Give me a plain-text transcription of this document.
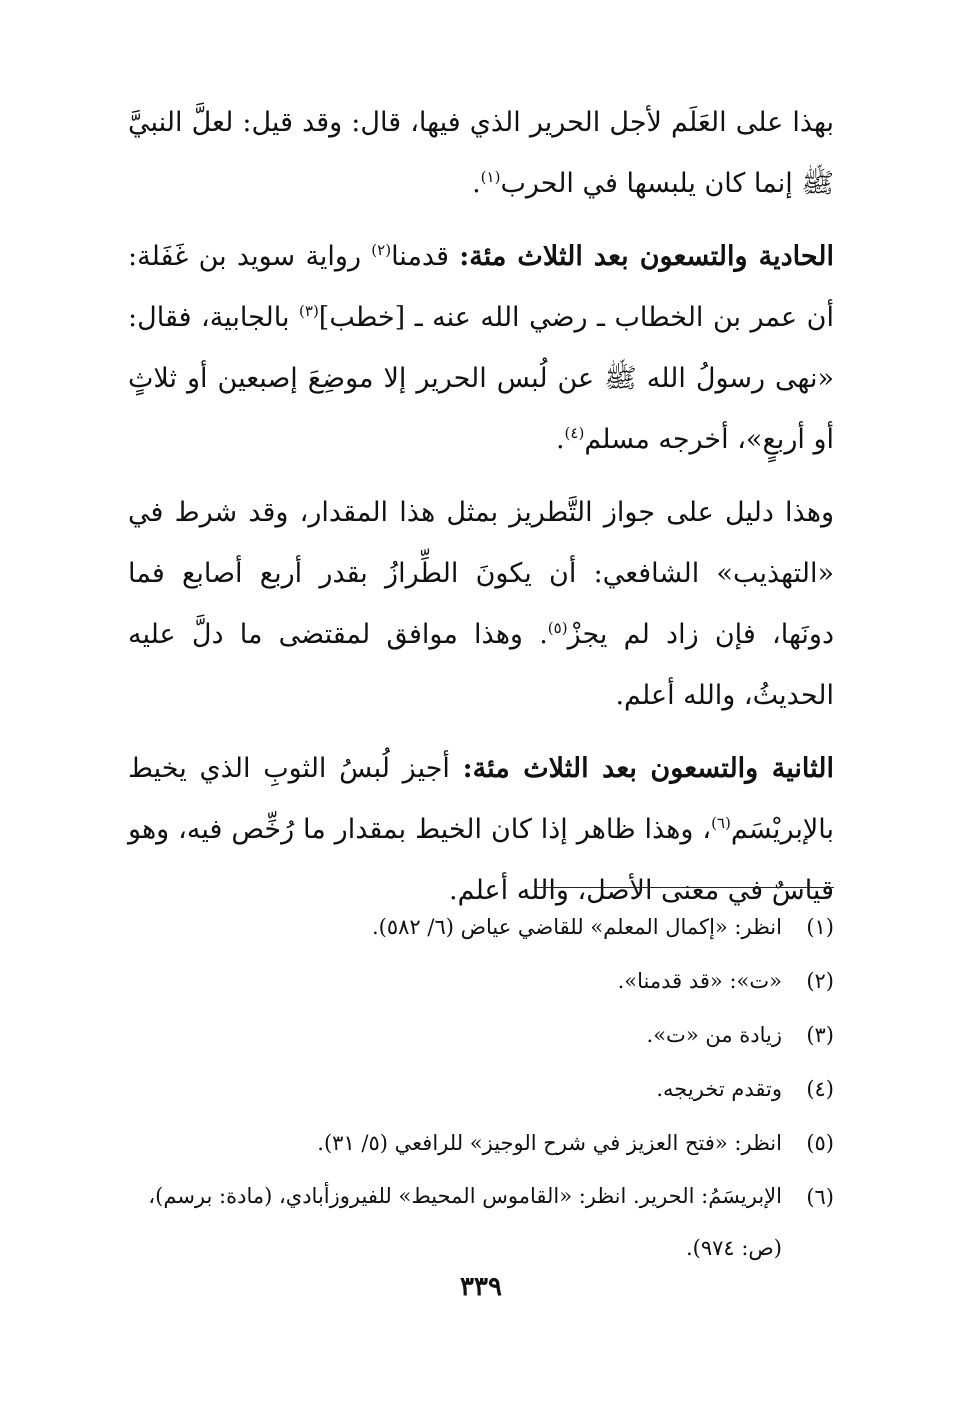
بهذا على العَلَم لأجل الحرير الذي فيها، قال: وقد قيل: لعلَّ النبيَّ ﷺ إنما كان يلبسها في الحرب$^{(١)}$.

الحادية والتسعون بعد الثلاث مئة: قدمنا$^{(٢)}$ رواية سويد بن غَفَلة: أن عمر بن الخطاب ـ رضي الله عنه ـ [خطب]$^{(٣)}$ بالجابية، فقال: «نهى رسولُ الله ﷺ عن لُبس الحرير إلا موضِعَ إصبعين أو ثلاثٍ أو أربعٍ»، أخرجه مسلم$^{(٤)}$.

وهذا دليل على جواز التَّطريز بمثل هذا المقدار، وقد شرط في «التهذيب» الشافعي: أن يكونَ الطِّرازُ بقدر أربع أصابع فما دونَها، فإن زاد لم يجزْ$^{(٥)}$. وهذا موافق لمقتضى ما دلَّ عليه الحديثُ، والله أعلم.

الثانية والتسعون بعد الثلاث مئة: أجيز لُبسُ الثوبِ الذي يخيط بالإبريْسَم$^{(٦)}$، وهذا ظاهر إذا كان الخيط بمقدار ما رُخِّص فيه، وهو قياسٌ في معنى الأصل، والله أعلم.

(١)
انظر: «إكمال المعلم» للقاضي عياض (٦/ ٥٨٢).
(٢)
«ت»: «قد قدمنا».
(٣)
زيادة من «ت».
(٤)
وتقدم تخريجه.
(٥)
انظر: «فتح العزيز في شرح الوجيز» للرافعي (٥/ ٣١).
(٦)
الإبريسَمُ: الحرير. انظر: «القاموس المحيط» للفيروزأبادي، (مادة: برسم)، (ص: ٩٧٤).
٣٣٩
